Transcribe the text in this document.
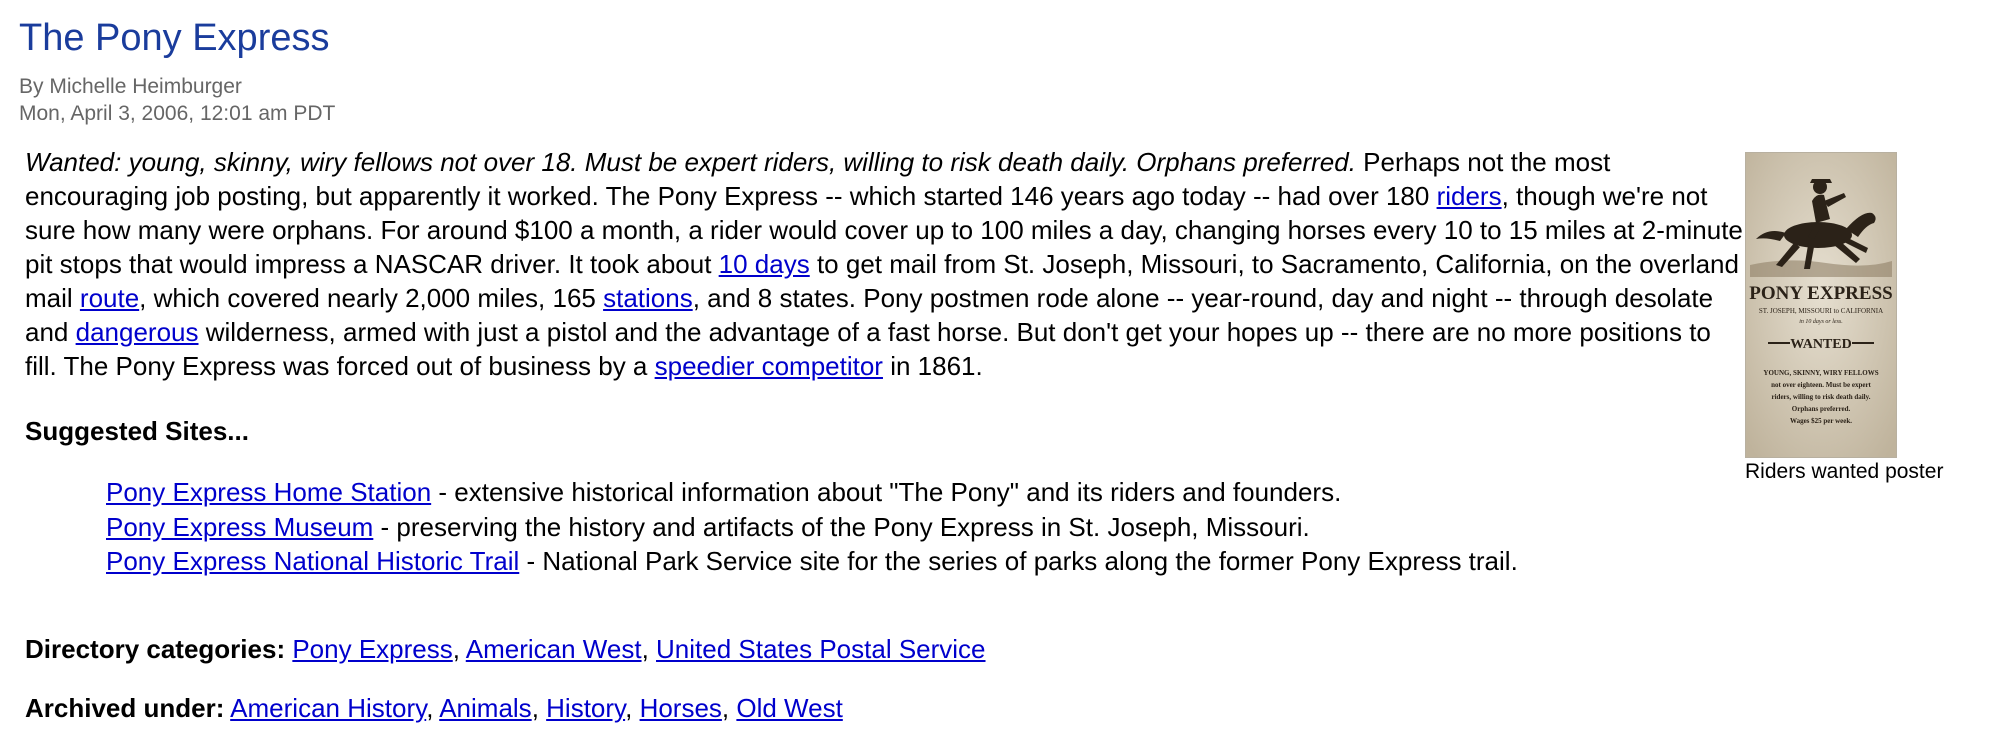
The Pony Express
By Michelle Heimburger
Mon, April 3, 2006, 12:01 am PDT

Wanted: young, skinny, wiry fellows not over 18. Must be expert riders, willing to risk death daily. Orphans preferred. Perhaps not the most encouraging job posting, but apparently it worked. The Pony Express -- which started 146 years ago today -- had over 180 riders, though we're not sure how many were orphans. For around $100 a month, a rider would cover up to 100 miles a day, changing horses every 10 to 15 miles at 2-minute pit stops that would impress a NASCAR driver. It took about 10 days to get mail from St. Joseph, Missouri, to Sacramento, California, on the overland mail route, which covered nearly 2,000 miles, 165 stations, and 8 states. Pony postmen rode alone -- year-round, day and night -- through desolate and dangerous wilderness, armed with just a pistol and the advantage of a fast horse. But don't get your hopes up -- there are no more positions to fill. The Pony Express was forced out of business by a speedier competitor in 1861.

PONY EXPRESS
ST. JOSEPH, MISSOURI to CALIFORNIA
in 10 days or less.
WANTED
YOUNG, SKINNY, WIRY FELLOWS
not over eighteen. Must be expert
riders, willing to risk death daily.
Orphans preferred.
Wages $25 per week.
Riders wanted poster
Suggested Sites...
Pony Express Home Station - extensive historical information about "The Pony" and its riders and founders.
Pony Express Museum - preserving the history and artifacts of the Pony Express in St. Joseph, Missouri.
Pony Express National Historic Trail - National Park Service site for the series of parks along the former Pony Express trail.
Directory categories: Pony Express, American West, United States Postal Service
Archived under: American History, Animals, History, Horses, Old West
